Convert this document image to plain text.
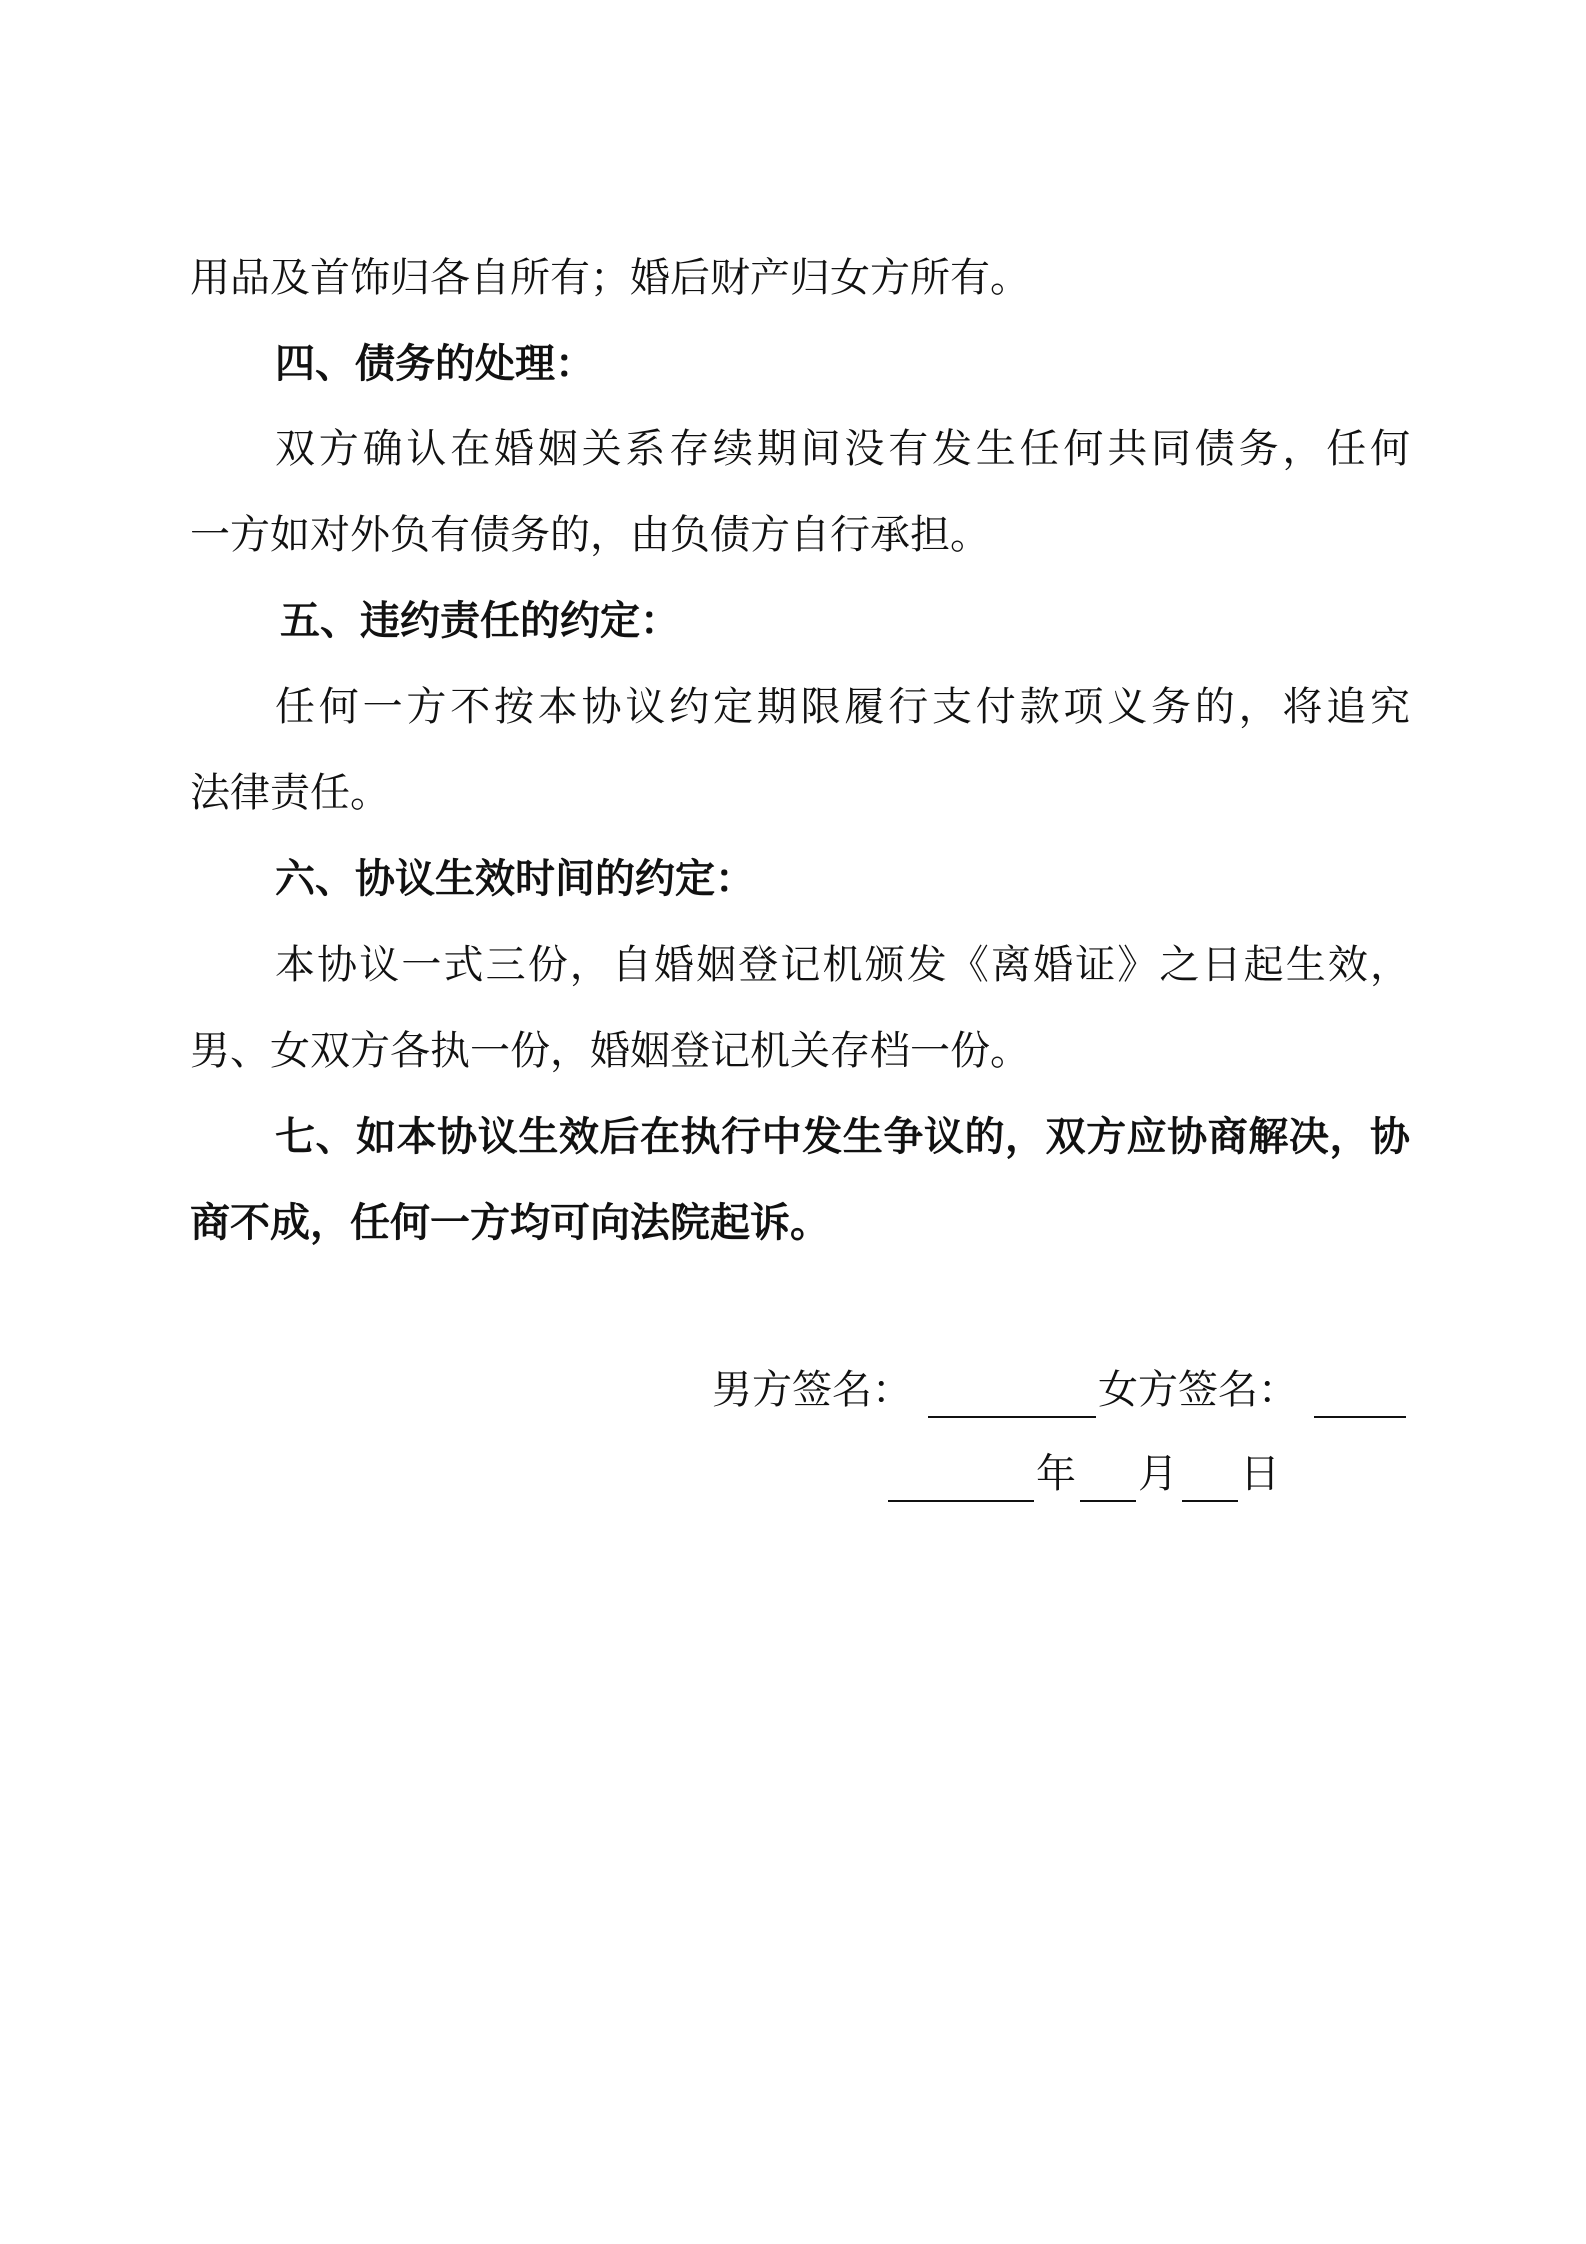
用品及首饰归各自所有；婚后财产归女方所有。
四、债务的处理：
双方确认在婚姻关系存续期间没有发生任何共同债务，任何
一方如对外负有债务的，由负债方自行承担。
五、违约责任的约定：
任何一方不按本协议约定期限履行支付款项义务的，将追究
法律责任。
六、协议生效时间的约定：
本协议一式三份，自婚姻登记机颁发《离婚证》之日起生效，
男、女双方各执一份，婚姻登记机关存档一份。
七、如本协议生效后在执行中发生争议的，双方应协商解决，协
商不成，任何一方均可向法院起诉。
男方签名：	女方签名：
年 月 日
